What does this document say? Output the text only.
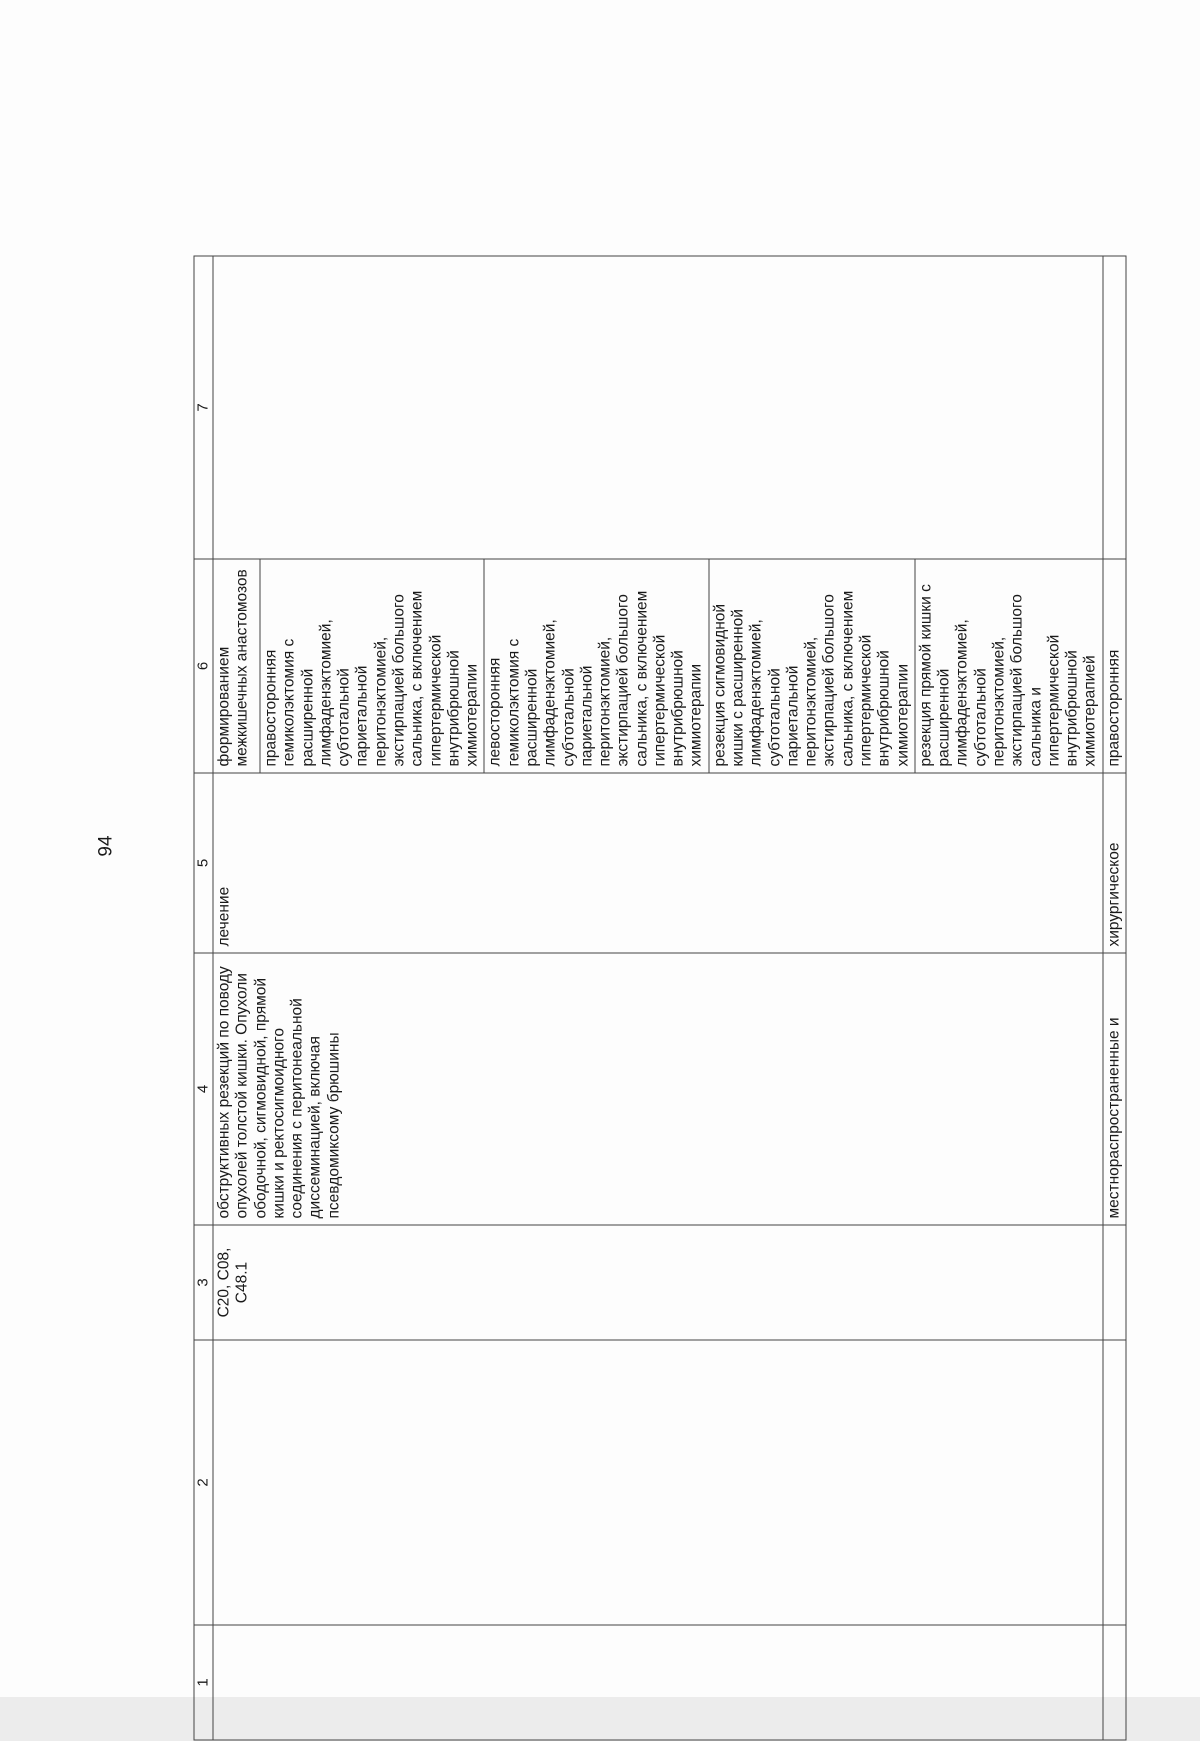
94
1	2	3	4	5	6	7
		C20, C08, C48.1	обструктивных резекций по поводу опухолей толстой кишки. Опухоли ободочной, сигмовидной, прямой кишки и ректосигмоидного соединения с перитонеальной диссеминацией, включая псевдомиксому брюшины	лечение	формированием межкишечных анастомозов	
					правосторонняя гемиколэктомия с расширенной лимфаденэктомией, субтотальной париетальной перитонэктомией, экстирпацией большого сальника, с включением гипертермической внутрибрюшной химиотерапии	
					левосторонняя гемиколэктомия с расширенной лимфаденэктомией, субтотальной париетальной перитонэктомией, экстирпацией большого сальника, с включением гипертермической внутрибрюшной химиотерапии	
					резекция сигмовидной кишки с расширенной лимфаденэктомией, субтотальной париетальной перитонэктомией, экстирпацией большого сальника, с включением гипертермической внутрибрюшной химиотерапии	
					резекция прямой кишки с расширенной лимфаденэктомией, субтотальной перитонэктомией, экстирпацией большого сальника и гипертермической внутрибрюшной химиотерапией	
			местнораспространенные и	хирургическое	правосторонняя	
